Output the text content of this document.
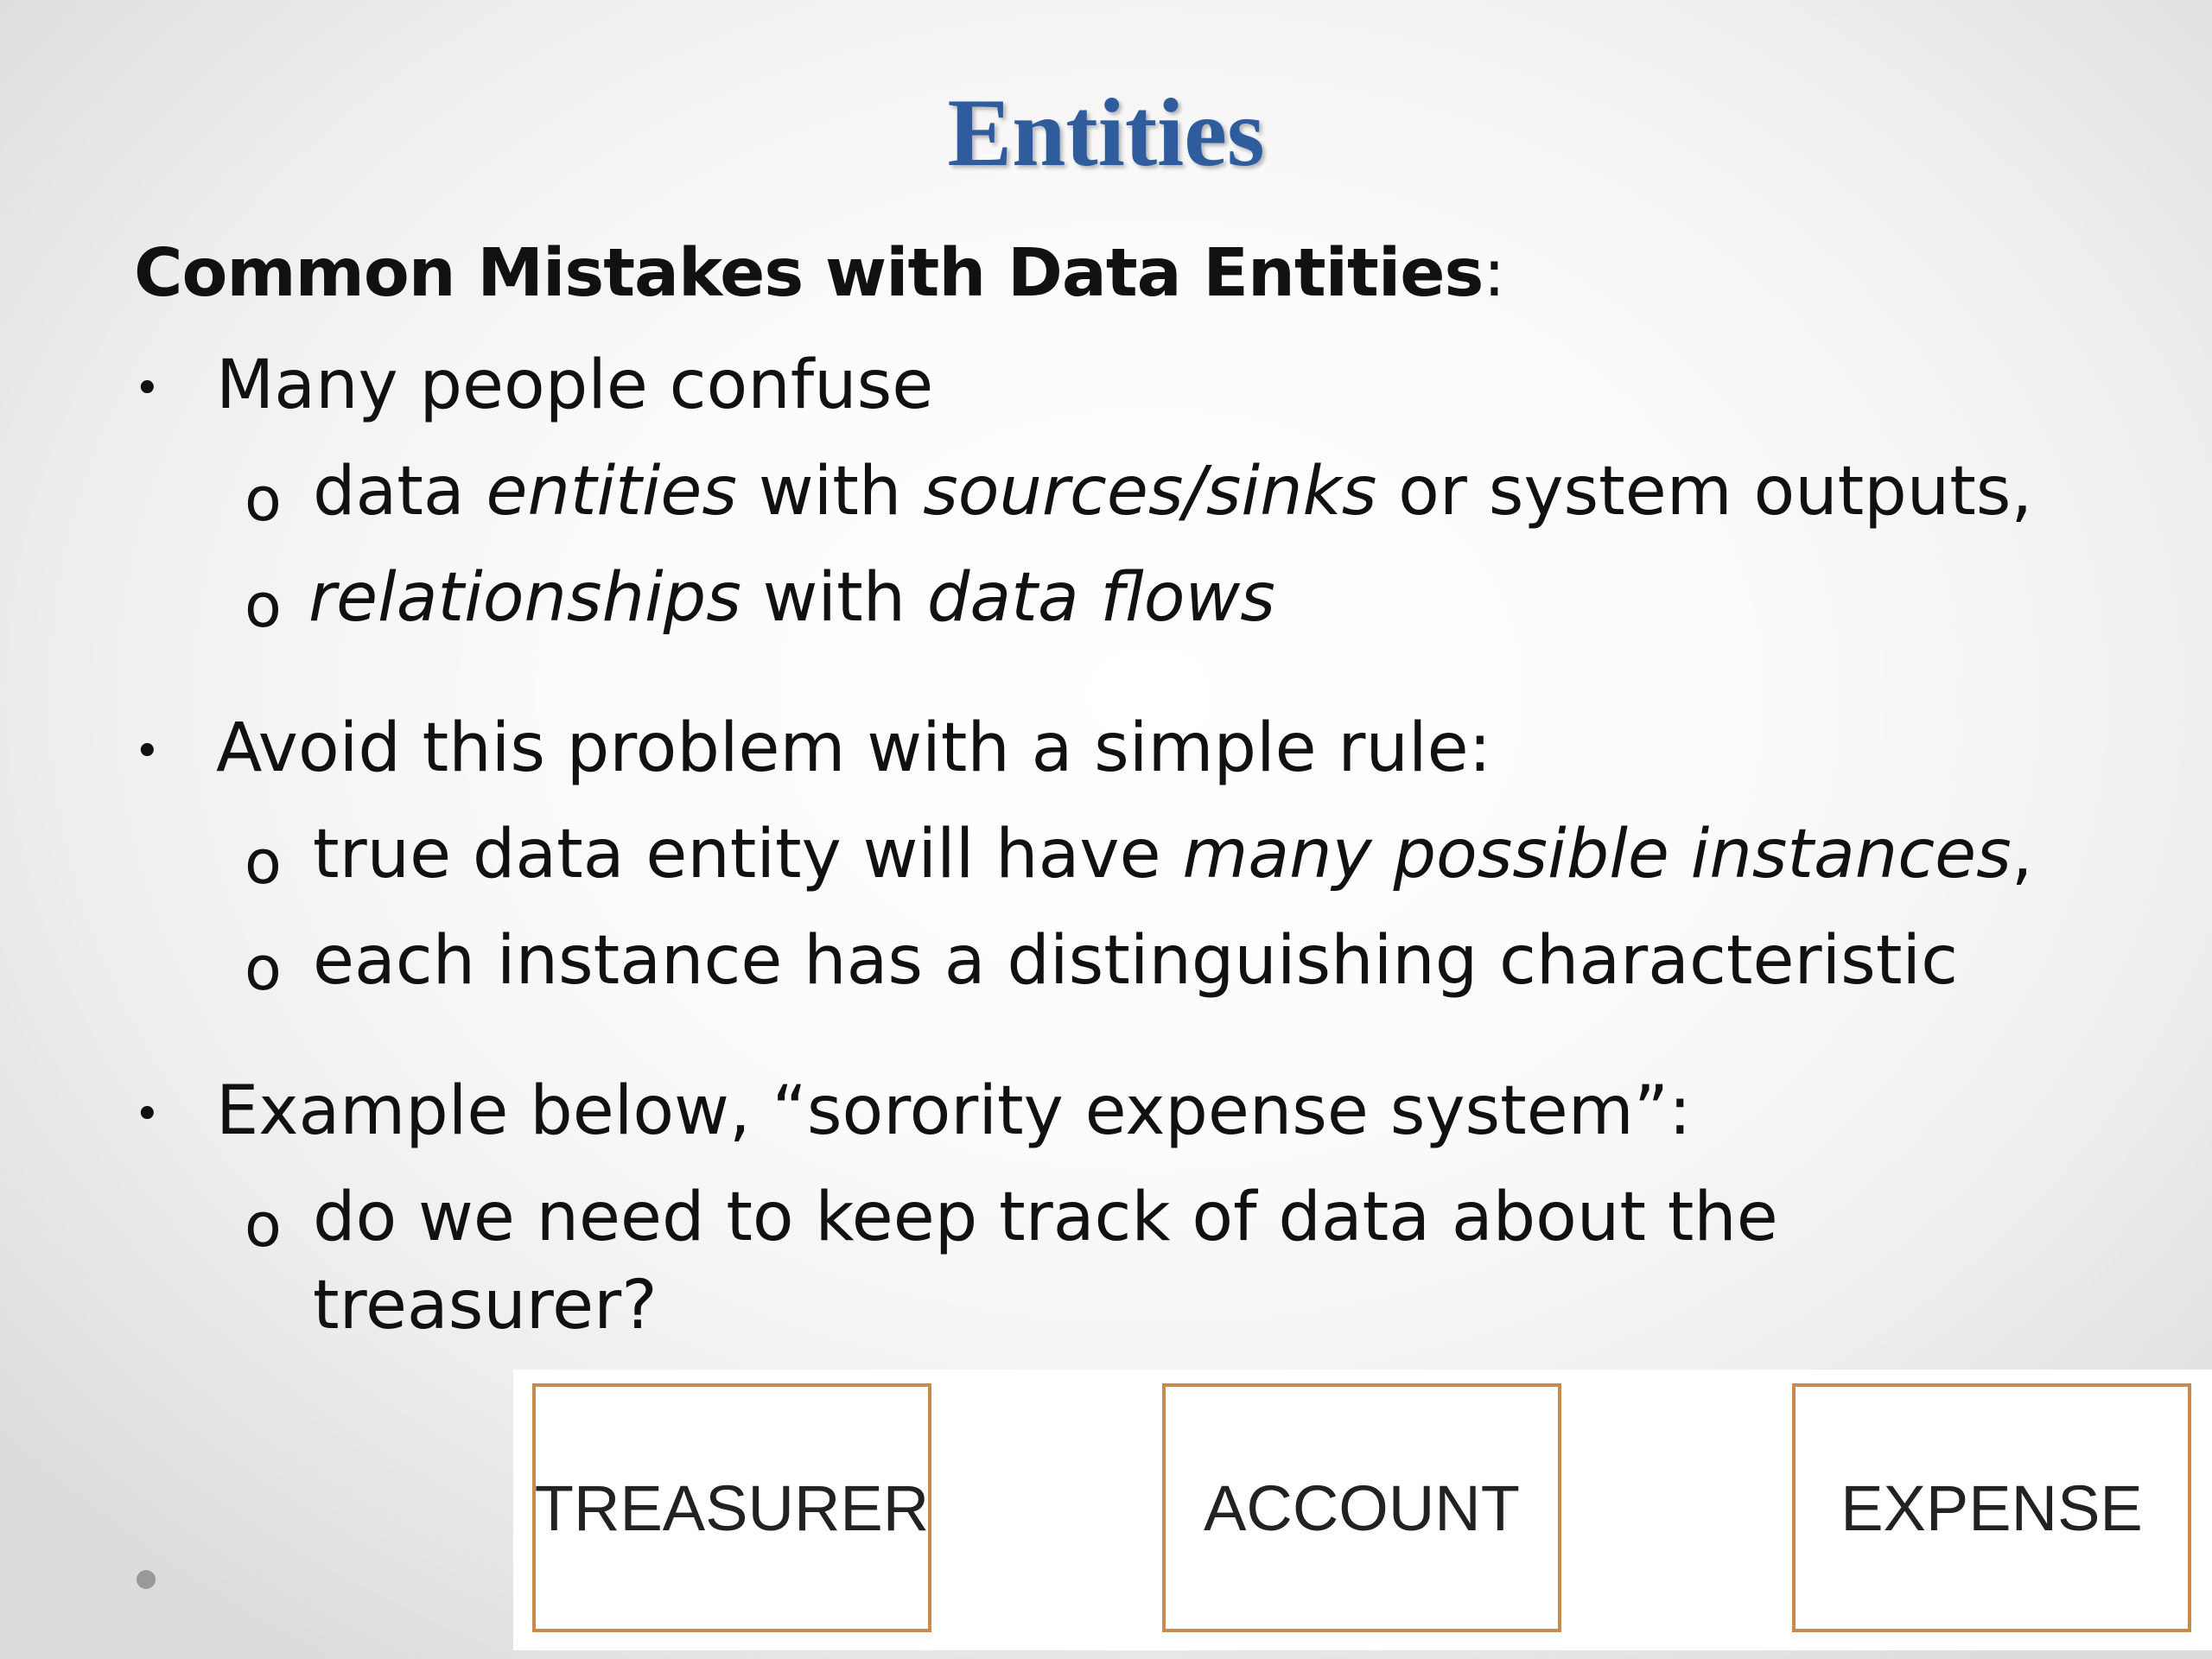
Entities
Common Mistakes with Data Entities:
• Many people confuse
o data entities with sources/sinks or system outputs,
o relationships with data flows
• Avoid this problem with a simple rule:
o true data entity will have many possible instances,
o each instance has a distinguishing characteristic
• Example below, “sorority expense system”:
o do we need to keep track of data about the
treasurer?
TREASURER	ACCOUNT	EXPENSE
